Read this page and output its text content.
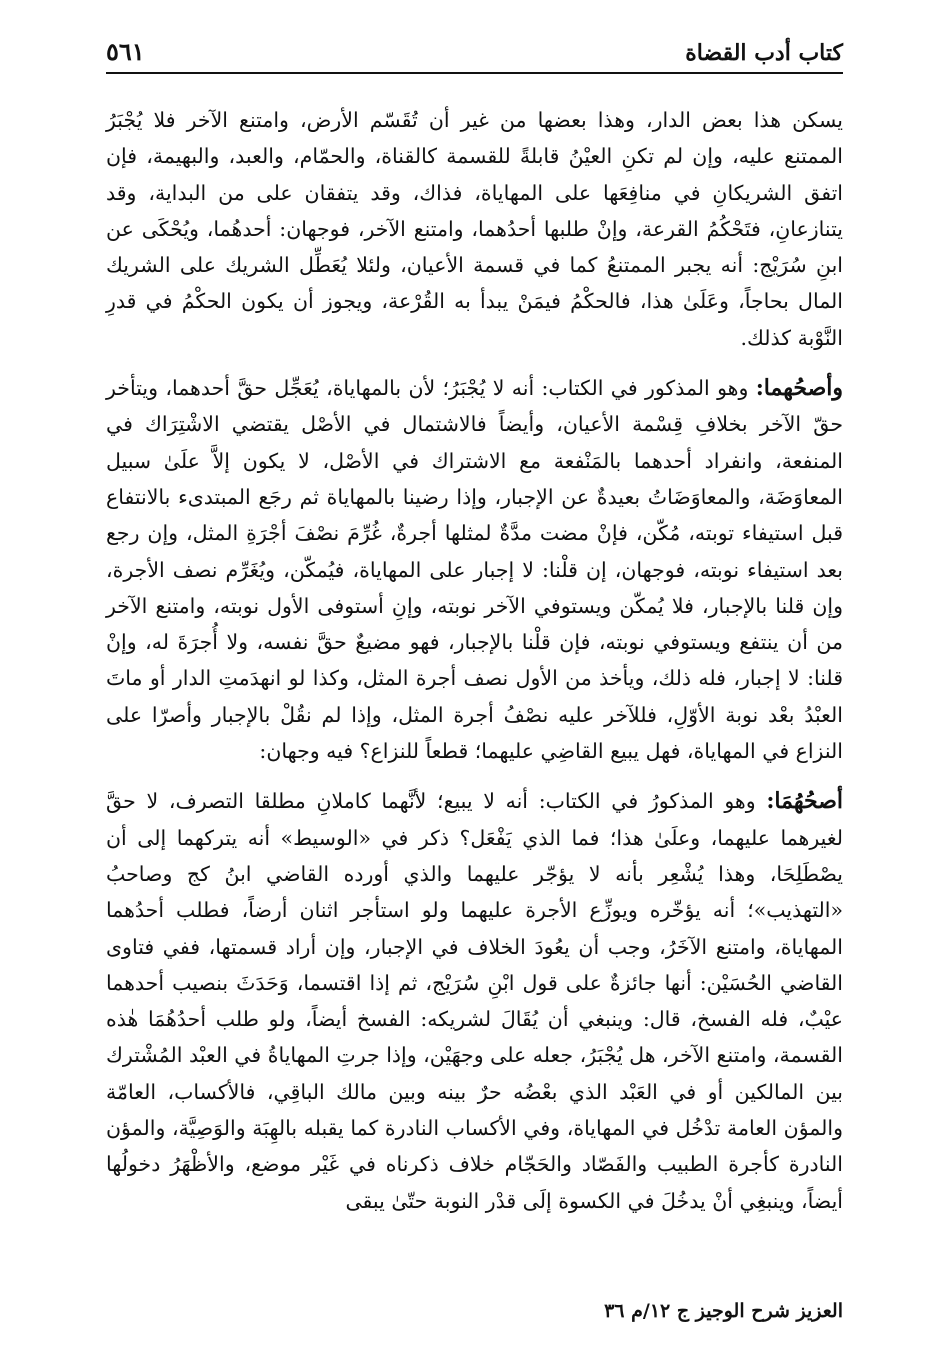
كتاب أدب القضاة
٥٦١

يسكن هذا بعض الدار، وهذا بعضها من غير أن تُقَسّم الأرض، وامتنع الآخر فلا يُجْبَرُ الممتنع عليه، وإن لم تكنِ العيْنُ قابلةً للقسمة كالقناة، والحمّام، والعبد، والبهيمة، فإن اتفق الشريكانِ في منافِعَها على المهاياة، فذاك، وقد يتفقان على من البداية، وقد يتنازعانِ، فتَحْكُمُ القرعة، وإنْ طلبها أحدُهما، وامتنع الآخر، فوجهان: أحدهُما، ويُحْكَى عن ابنِ سُرَيْج: أنه يجبر الممتنعُ كما في قسمة الأعيان، ولئلا يُعَطِّل الشريك على الشريك المال بحاجاً، وعَلَىٰ هذا، فالحكْمُ فيمَنْ يبدأ به القُرْعة، ويجوز أن يكون الحكْمُ في قدرِ النَّوْبة كذلك.

وأصحُهما: وهو المذكور في الكتاب: أنه لا يُجْبَرُ؛ لأن بالمهاياة، يُعَجِّل حقَّ أحدهما، ويتأخر حقّ الآخر بخلافِ قِسْمة الأعيان، وأيضاً فالاشتمال في الأصْل يقتضي الاشْتِرَاك في المنفعة، وانفراد أحدهما بالمَنْفعة مع الاشتراك في الأصْل، لا يكون إلاَّ علَىٰ سبيل المعاوَضَة، والمعاوَضَاتُ بعيدةٌ عن الإجبار، وإذا رضينا بالمهاياة ثم رجَع المبتدىء بالانتفاع قبل استيفاء توبته، مُكّن، فإنْ مضت مدَّةٌ لمثلها أجرةٌ، غُرِّمَ نصْفَ أجْرَةِ المثل، وإن رجع بعد استيفاء نوبته، فوجهان، إن قلْنا: لا إجبار على المهاياة، فيُمكّن، ويُغَرِّم نصف الأجرة، وإن قلنا بالإجبار، فلا يُمكّن ويستوفي الآخر نوبته، وإنِ أستوفى الأول نوبته، وامتنع الآخر من أن ينتفع ويستوفي نوبته، فإن قلْنا بالإجبار، فهو مضيعٌ حقَّ نفسه، ولا أُجرَةَ له، وإنْ قلنا: لا إجبار، فله ذلك، ويأخذ من الأول نصف أجرة المثل، وكذا لو انهدَمتِ الدار أو ماتَ العبْدُ بعْد نوبة الأوّلِ، فللآخر عليه نصْفُ أجرة المثل، وإذا لم نقُلْ بالإجبار وأصرّا على النزاع في المهاياة، فهل يبيع القاضِي عليهما؛ قطعاً للنزاع؟ فيه وجهان:

أصحُهُمَا: وهو المذكورُ في الكتاب: أنه لا يبيع؛ لأنَّهما كاملانِ مطلقا التصرف، لا حقَّ لغيرهما عليهما، وعلَىٰ هذا؛ فما الذي يَفْعَل؟ ذكر في «الوسيط» أنه يتركهما إلى أن يصْطَلِحَا، وهذا يُشْعِر بأنه لا يؤجّر عليهما والذي أورده القاضي ابنُ كج وصاحبُ «التهذيب»؛ أنه يؤخّره ويوزِّع الأجرة عليهما ولو استأجر اثنان أرضاً، فطلب أحدُهما المهاياة، وامتنع الآخَرُ، وجب أن يعُودَ الخلاف في الإجبار، وإن أراد قسمتها، ففي فتاوى القاضي الحُسَيْن: أنها جائزةٌ على قول ابْنِ سُرَيْج، ثم إذا اقتسما، وَحَدَثَ بنصيب أحدهما عيْبٌ، فله الفسخ، قال: وينبغي أن يُقَالَ لشريكه: الفسخ أيضاً، ولو طلب أحدُهُمَا هٰذه القسمة، وامتنع الآخر، هل يُجْبَرُ، جعله على وجهَيْن، وإذا جرتِ المهاياةُ في العبْد المُشْترك بين المالكين أو في العَبْد الذي بعْضُه حرٌ بينه وبين مالك الباقِي، فالأكساب، العامّة والمؤن العامة تدْخُل في المهاياة، وفي الأكساب النادرة كما يقبله بالهِبَة والوَصِيَّة، والمؤن النادرة كأجرة الطبيب والفَصّاد والحَجّام خلاف ذكرناه في غَيْر موضع، والأظْهَرُ دخولُها أيضاً، وينبغِي أنْ يدخُلَ في الكسوة إلَى قدْر النوبة حتّىٰ يبقى

العزيز شرح الوجيز ج ١٢/م ٣٦
